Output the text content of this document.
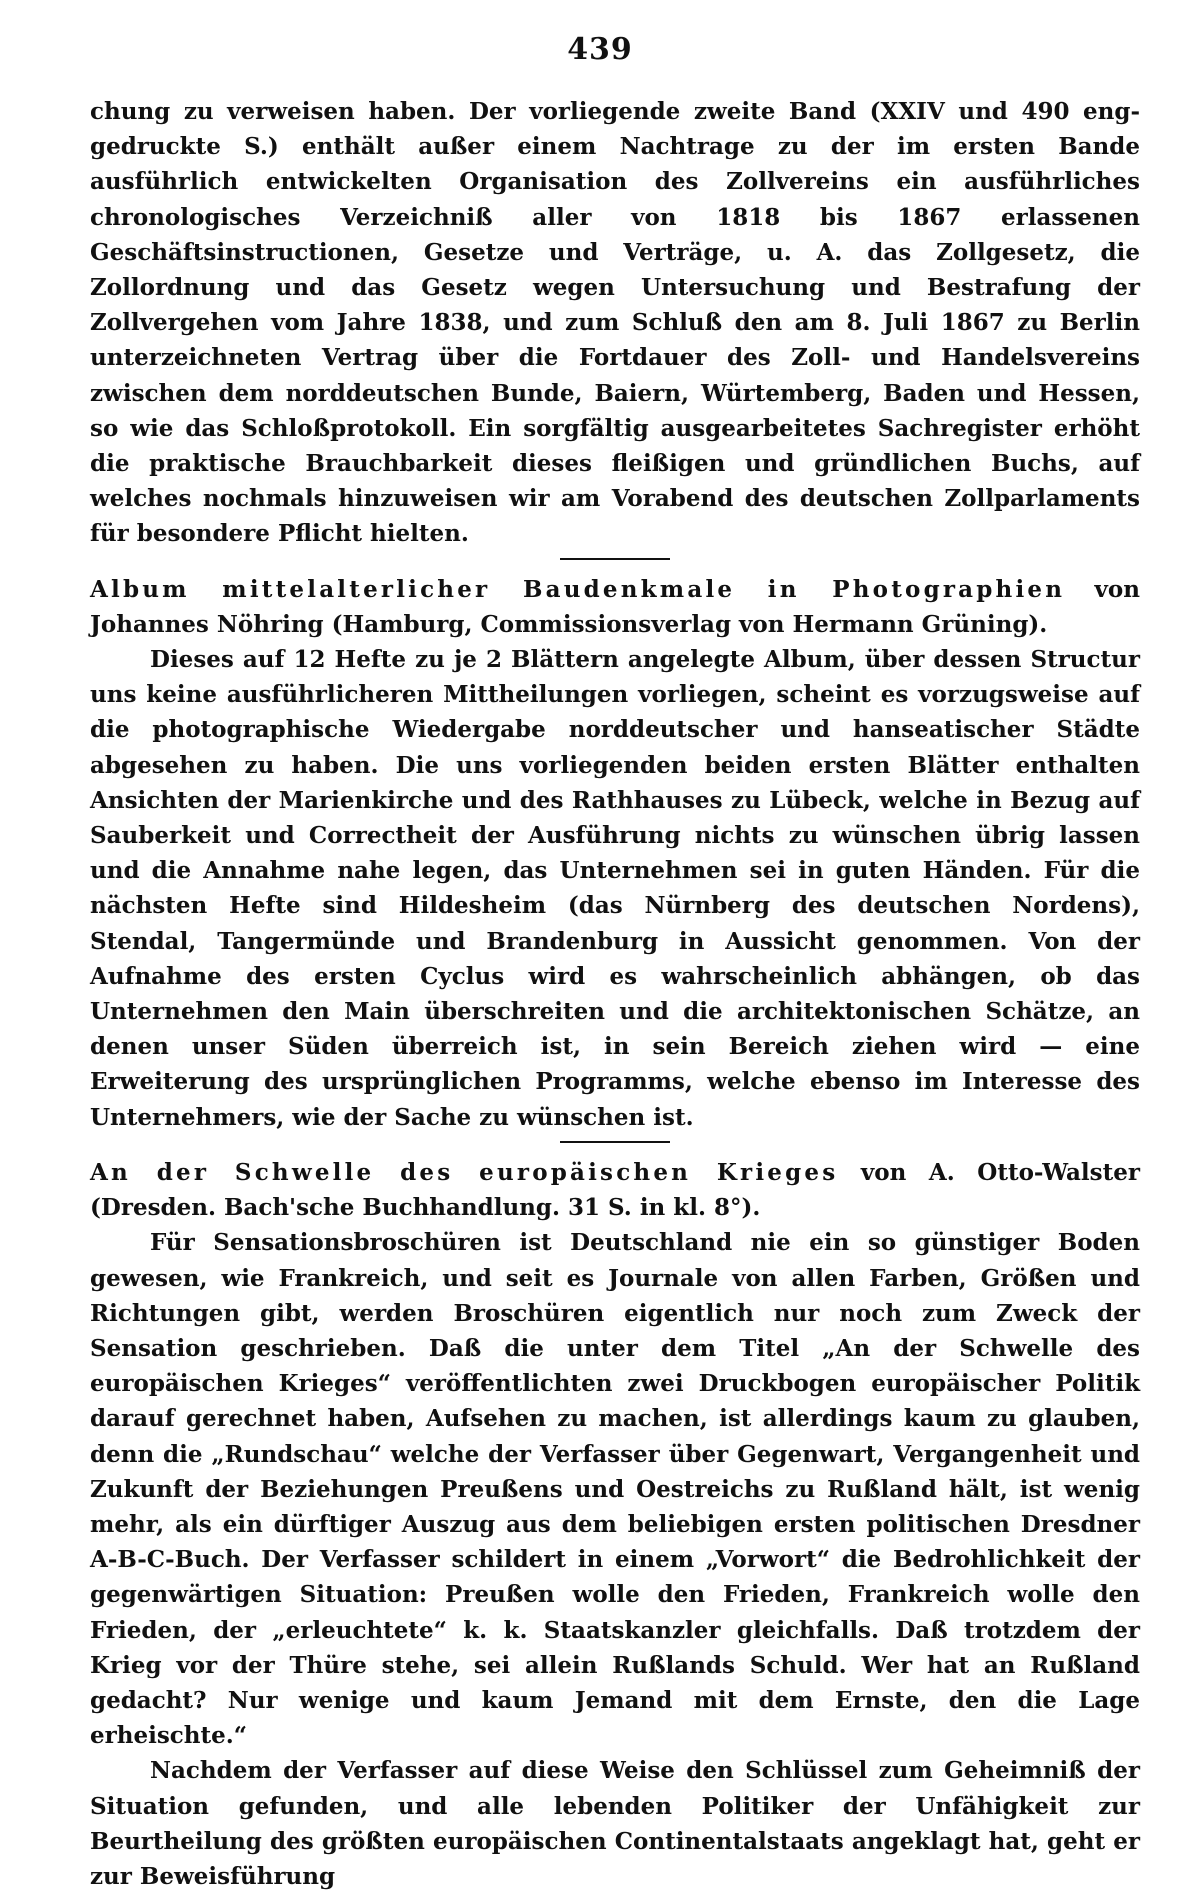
439

chung zu verweisen haben. Der vorliegende zweite Band (XXIV und 490 eng-gedruckte S.) enthält außer einem Nachtrage zu der im ersten Bande ausführlich entwickelten Organisation des Zollvereins ein ausführliches chronologisches Verzeichniß aller von 1818 bis 1867 erlassenen Geschäftsinstructionen, Gesetze und Verträge, u. A. das Zollgesetz, die Zollordnung und das Gesetz wegen Untersuchung und Bestrafung der Zollvergehen vom Jahre 1838, und zum Schluß den am 8. Juli 1867 zu Berlin unterzeichneten Vertrag über die Fortdauer des Zoll- und Handelsvereins zwischen dem norddeutschen Bunde, Baiern, Würtemberg, Baden und Hessen, so wie das Schloßprotokoll. Ein sorgfältig ausgearbeitetes Sachregister erhöht die praktische Brauchbarkeit dieses fleißigen und gründlichen Buchs, auf welches nochmals hinzuweisen wir am Vorabend des deutschen Zollparlaments für besondere Pflicht hielten.

Album mittelalterlicher Baudenkmale in Photographien von Johannes Nöhring (Hamburg, Commissionsverlag von Hermann Grüning).

Dieses auf 12 Hefte zu je 2 Blättern angelegte Album, über dessen Structur uns keine ausführlicheren Mittheilungen vorliegen, scheint es vorzugsweise auf die photographische Wiedergabe norddeutscher und hanseatischer Städte abgesehen zu haben. Die uns vorliegenden beiden ersten Blätter enthalten Ansichten der Marienkirche und des Rathhauses zu Lübeck, welche in Bezug auf Sauberkeit und Correctheit der Ausführung nichts zu wünschen übrig lassen und die Annahme nahe legen, das Unternehmen sei in guten Händen. Für die nächsten Hefte sind Hildesheim (das Nürnberg des deutschen Nordens), Stendal, Tangermünde und Brandenburg in Aussicht genommen. Von der Aufnahme des ersten Cyclus wird es wahrscheinlich abhängen, ob das Unternehmen den Main überschreiten und die architektonischen Schätze, an denen unser Süden überreich ist, in sein Bereich ziehen wird — eine Erweiterung des ursprünglichen Programms, welche ebenso im Interesse des Unternehmers, wie der Sache zu wünschen ist.

An der Schwelle des europäischen Krieges von A. Otto-Walster (Dresden. Bach'sche Buchhandlung. 31 S. in kl. 8°).

Für Sensationsbroschüren ist Deutschland nie ein so günstiger Boden gewesen, wie Frankreich, und seit es Journale von allen Farben, Größen und Richtungen gibt, werden Broschüren eigentlich nur noch zum Zweck der Sensation geschrieben. Daß die unter dem Titel „An der Schwelle des europäischen Krieges“ veröffentlichten zwei Druckbogen europäischer Politik darauf gerechnet haben, Aufsehen zu machen, ist allerdings kaum zu glauben, denn die „Rundschau“ welche der Verfasser über Gegenwart, Vergangenheit und Zukunft der Beziehungen Preußens und Oestreichs zu Rußland hält, ist wenig mehr, als ein dürftiger Auszug aus dem beliebigen ersten politischen Dresdner A-B-C-Buch. Der Verfasser schildert in einem „Vorwort“ die Bedrohlichkeit der gegenwärtigen Situation: Preußen wolle den Frieden, Frankreich wolle den Frieden, der „erleuchtete“ k. k. Staatskanzler gleichfalls. Daß trotzdem der Krieg vor der Thüre stehe, sei allein Rußlands Schuld. Wer hat an Rußland gedacht? Nur wenige und kaum Jemand mit dem Ernste, den die Lage erheischte.“

Nachdem der Verfasser auf diese Weise den Schlüssel zum Geheimniß der Situation gefunden, und alle lebenden Politiker der Unfähigkeit zur Beurtheilung des größten europäischen Continentalstaats angeklagt hat, geht er zur Beweisführung
